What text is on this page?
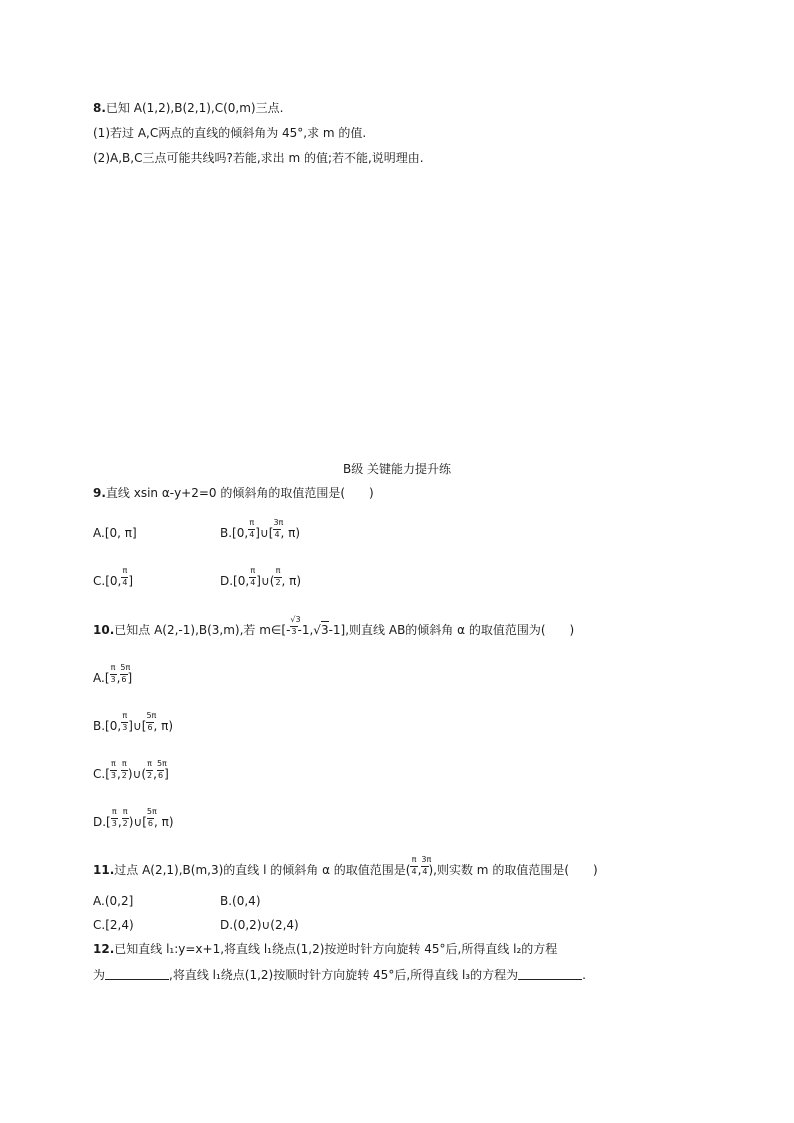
8.已知 A(1,2),B(2,1),C(0,m)三点.
(1)若过 A,C两点的直线的倾斜角为 45°,求 m 的值.
(2)A,B,C三点可能共线吗?若能,求出 m 的值;若不能,说明理由.
B级 关键能力提升练
9.直线 xsin α-y+2=0 的倾斜角的取值范围是(　　)
A.[0, π]	B.[0, $\frac{\pi}{4}$ ]∪[ $\frac{3\pi}{4}$ , π)
C.[0, $\frac{\pi}{4}$ ]	D.[0, $\frac{\pi}{4}$ ]∪( $\frac{\pi}{2}$ , π)
10.已知点 A(2,-1),B(3,m),若 m∈[- $\frac{√3}{3} -1,√3-1$],则直线 AB的倾斜角 α 的取值范围为(　　)
$A.[ \frac{\pi}{3}$ , $\frac{5\pi}{6}$ ]
B.[0, $\frac{\pi}{3}$ ]∪[ $\frac{5\pi}{6}$ , π)
$C.[ \frac{\pi}{3}$ , $\frac{\pi}{2}$ )∪( $\frac{\pi}{2}$ , $\frac{5\pi}{6}$ ]
$D.[ \frac{\pi}{3}$ , $\frac{\pi}{2}$ )∪[ $\frac{5\pi}{6}$ , π)
11.过点 A(2,1),B(m,3)的直线 l 的倾斜角 α 的取值范围是( $\frac{\pi}{4}$ , $\frac{3\pi}{4}$ ),则实数 m 的取值范围是(　　)
A.(0,2]	B.(0,4)
C.[2,4)	D.(0,2)∪(2,4)
12.已知直线 l₁:y=x+1,将直线 l₁绕点(1,2)按逆时针方向旋转 45°后,所得直线 l₂的方程
为	,将直线 l₁绕点(1,2)按顺时针方向旋转 45°后,所得直线 l₃的方程为	.
